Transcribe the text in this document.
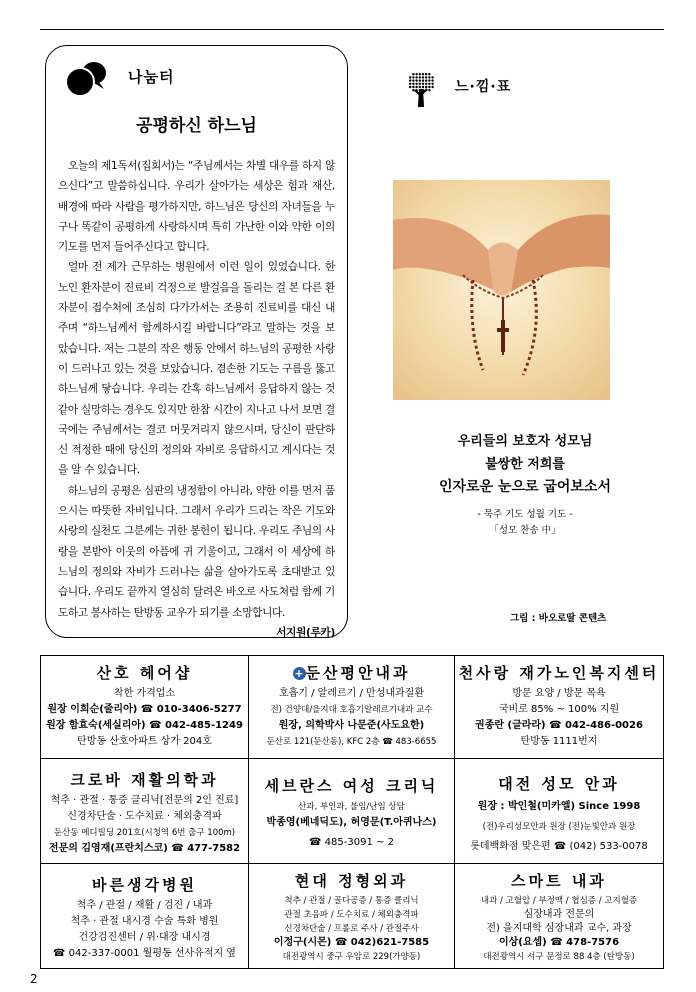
나눔터
공평하신 하느님

오늘의 제1독서(집회서)는 “주님께서는 차별 대우를 하지 않으신다”고 말씀하십니다. 우리가 살아가는 세상은 힘과 재산, 배경에 따라 사람을 평가하지만, 하느님은 당신의 자녀들을 누구나 똑같이 공평하게 사랑하시며 특히 가난한 이와 약한 이의 기도를 먼저 들어주신다고 합니다.

얼마 전 제가 근무하는 병원에서 이런 일이 있었습니다. 한 노인 환자분이 진료비 걱정으로 발걸음을 돌리는 걸 본 다른 환자분이 접수처에 조심히 다가가서는 조용히 진료비를 대신 내주며 “하느님께서 함께하시길 바랍니다”라고 말하는 것을 보았습니다. 저는 그분의 작은 행동 안에서 하느님의 공평한 사랑이 드러나고 있는 것을 보았습니다. 겸손한 기도는 구름을 뚫고 하느님께 닿습니다. 우리는 간혹 하느님께서 응답하지 않는 것 같아 실망하는 경우도 있지만 한참 시간이 지나고 나서 보면 결국에는 주님께서는 결코 머뭇거리지 않으시며, 당신이 판단하신 적정한 때에 당신의 정의와 자비로 응답하시고 계시다는 것을 알 수 있습니다.

하느님의 공평은 심판의 냉정함이 아니라, 약한 이를 먼저 품으시는 따뜻한 자비입니다. 그래서 우리가 드리는 작은 기도와 사랑의 실천도 그분께는 귀한 봉헌이 됩니다. 우리도 주님의 사랑을 본받아 이웃의 아픔에 귀 기울이고, 그래서 이 세상에 하느님의 정의와 자비가 드러나는 삶을 살아가도록 초대받고 있습니다. 우리도 끝까지 열심히 달려온 바오로 사도처럼 함께 기도하고 봉사하는 탄방동 교우가 되기를 소망합니다.
서지원(루카)

느·낌·표
우리들의 보호자 성모님
불쌍한 저희를
인자로운 눈으로 굽어보소서
- 묵주 기도 성월 기도 -
「성모 찬송 中」
그림 : 바오로딸 콘텐츠
산호 헤어샵
착한 가격업소
원장 이희순(줄리아) ☎ 010-3406-5277
원장 함효숙(세실리아) ☎ 042-485-1249
탄방동 산호아파트 상가 204호
+ 둔산평안내과
호흡기 / 알레르기 / 만성내과질환
전) 건양대/을지대 호흡기알레르기내과 교수
원장, 의학박사 나문준(사도요한)
둔산로 121(둔산동), KFC 2층 ☎ 483-6655
천사랑 재가노인복지센터
방문 요양 / 방문 목욕
국비로 85% ~ 100% 지원
권종란 (글라라) ☎ 042-486-0026
탄방동 1111번지
크로바 재활의학과
척추 · 관절 · 통증 클리닉[전문의 2인 진료]
신경차단술 · 도수치료 · 체외충격파
둔산동 메디빌딩 201호(시청역 6번 출구 100m)
전문의 김영재(프란치스코) ☎ 477-7582
세브란스 여성 크리닉
산과, 부인과, 불임/난임 상담
박종영(베네딕도), 허영문(T.아퀴나스)
☎ 485-3091 ~ 2
대전 성모 안과
원장 : 박인철(미카엘) Since 1998
(전)우리성모안과 원장 (전)눈빛안과 원장
롯데백화점 맞은편 ☎ (042) 533-0078
바른생각병원
척추 / 관절 / 재활 / 검진 / 내과
척추 · 관절 내시경 수술 특화 병원
건강검진센터 / 위·대장 내시경
☎ 042-337-0001 월평동 선사유적지 옆
현대 정형외과
척추 / 관절 / 골다공증 / 통증 클리닉
관절 초음파 / 도수치료 / 체외충격파
신경차단술 / 프롤로 주사 / 관절주사
이정구(시몬) ☎ 042)621-7585
대전광역시 중구 우암로 229(가양동)
스마트 내과
내과 / 고혈압 / 부정맥 / 협심증 / 고지혈증
심장내과 전문의
전) 을지대학 심장내과 교수, 과장
이상(요셉) ☎ 478-7576
대전광역시 서구 문정로 88 4층 (탄방동)
2
